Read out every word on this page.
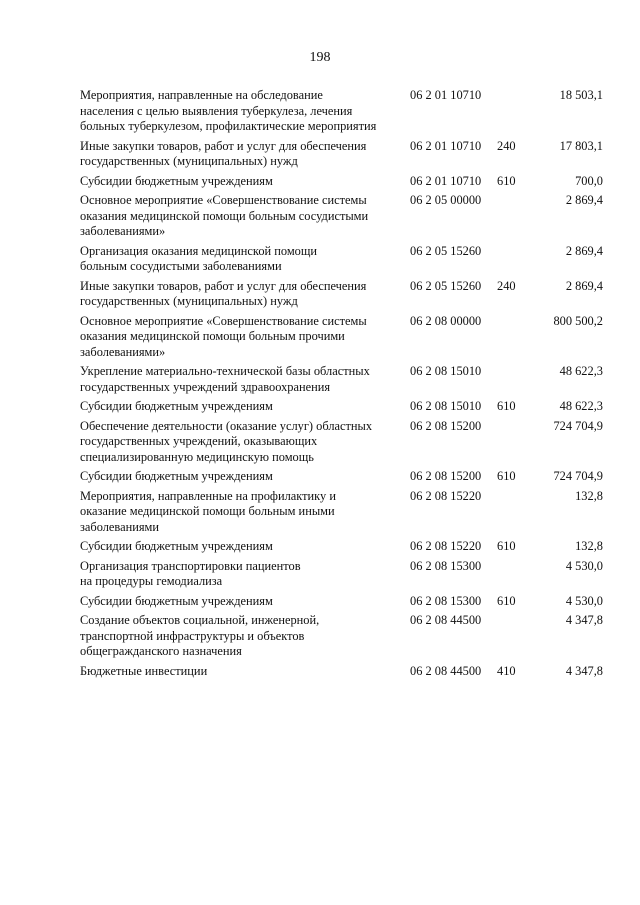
198
Мероприятия, направленные на обследование
населения с целью выявления туберкулеза, лечения
больных туберкулезом, профилактические мероприятия
06 2 01 10710	18 503,1
Иные закупки товаров, работ и услуг для обеспечения
государственных (муниципальных) нужд
06 2 01 10710 240	17 803,1
Субсидии бюджетным учреждениям	06 2 01 10710 610	700,0
Основное мероприятие «Совершенствование системы
оказания медицинской помощи больным сосудистыми
заболеваниями»
06 2 05 00000	2 869,4
Организация оказания медицинской помощи
больным сосудистыми заболеваниями
06 2 05 15260	2 869,4
Иные закупки товаров, работ и услуг для обеспечения
государственных (муниципальных) нужд
06 2 05 15260 240	2 869,4
Основное мероприятие «Совершенствование системы
оказания медицинской помощи больным прочими
заболеваниями»
06 2 08 00000	800 500,2
Укрепление материально-технической базы областных
государственных учреждений здравоохранения
06 2 08 15010	48 622,3
Субсидии бюджетным учреждениям	06 2 08 15010 610	48 622,3
Обеспечение деятельности (оказание услуг) областных
государственных учреждений, оказывающих
специализированную медицинскую помощь
06 2 08 15200	724 704,9
Субсидии бюджетным учреждениям	06 2 08 15200 610	724 704,9
Мероприятия, направленные на профилактику и
оказание медицинской помощи больным иными
заболеваниями
06 2 08 15220	132,8
Субсидии бюджетным учреждениям	06 2 08 15220 610	132,8
Организация транспортировки пациентов
на процедуры гемодиализа
06 2 08 15300	4 530,0
Субсидии бюджетным учреждениям	06 2 08 15300 610	4 530,0
Создание объектов социальной, инженерной,
транспортной инфраструктуры и объектов
общегражданского назначения
06 2 08 44500	4 347,8
Бюджетные инвестиции	06 2 08 44500 410	4 347,8
